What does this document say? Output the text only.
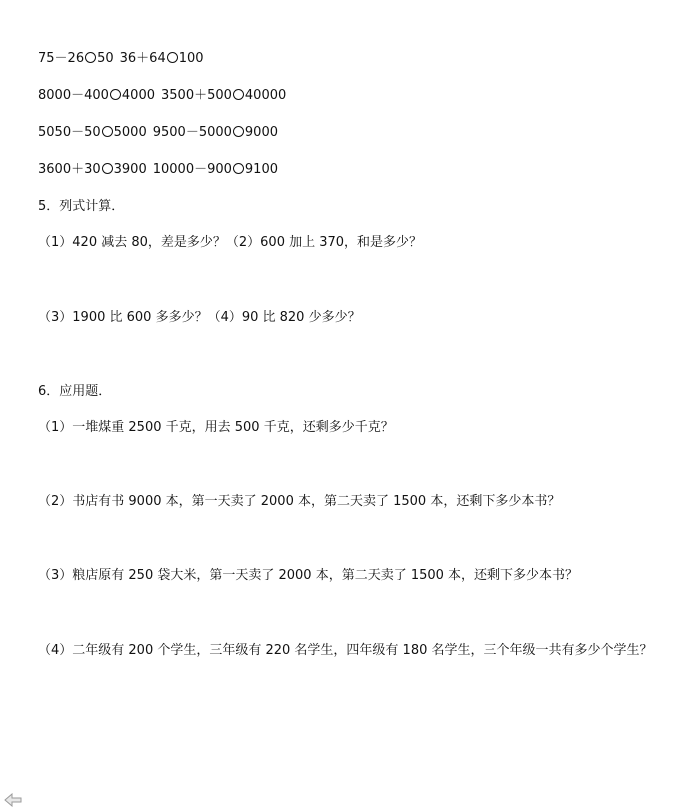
75－26 50 36＋64 100
8000－400 4000 3500＋500 40000
5050－50 5000 9500－5000 9000
3600＋30 3900 10000－900 9100
5．列式计算．
（1）420 减去 80，差是多少？（2）600 加上 370，和是多少？
（3）1900 比 600 多多少？（4）90 比 820 少多少？
6．应用题．
（1）一堆煤重 2500 千克，用去 500 千克，还剩多少千克？
（2）书店有书 9000 本，第一天卖了 2000 本，第二天卖了 1500 本，还剩下多少本书？
（3）粮店原有 250 袋大米，第一天卖了 2000 本，第二天卖了 1500 本，还剩下多少本书？
（4）二年级有 200 个学生，三年级有 220 名学生，四年级有 180 名学生，三个年级一共有多少个学生？
